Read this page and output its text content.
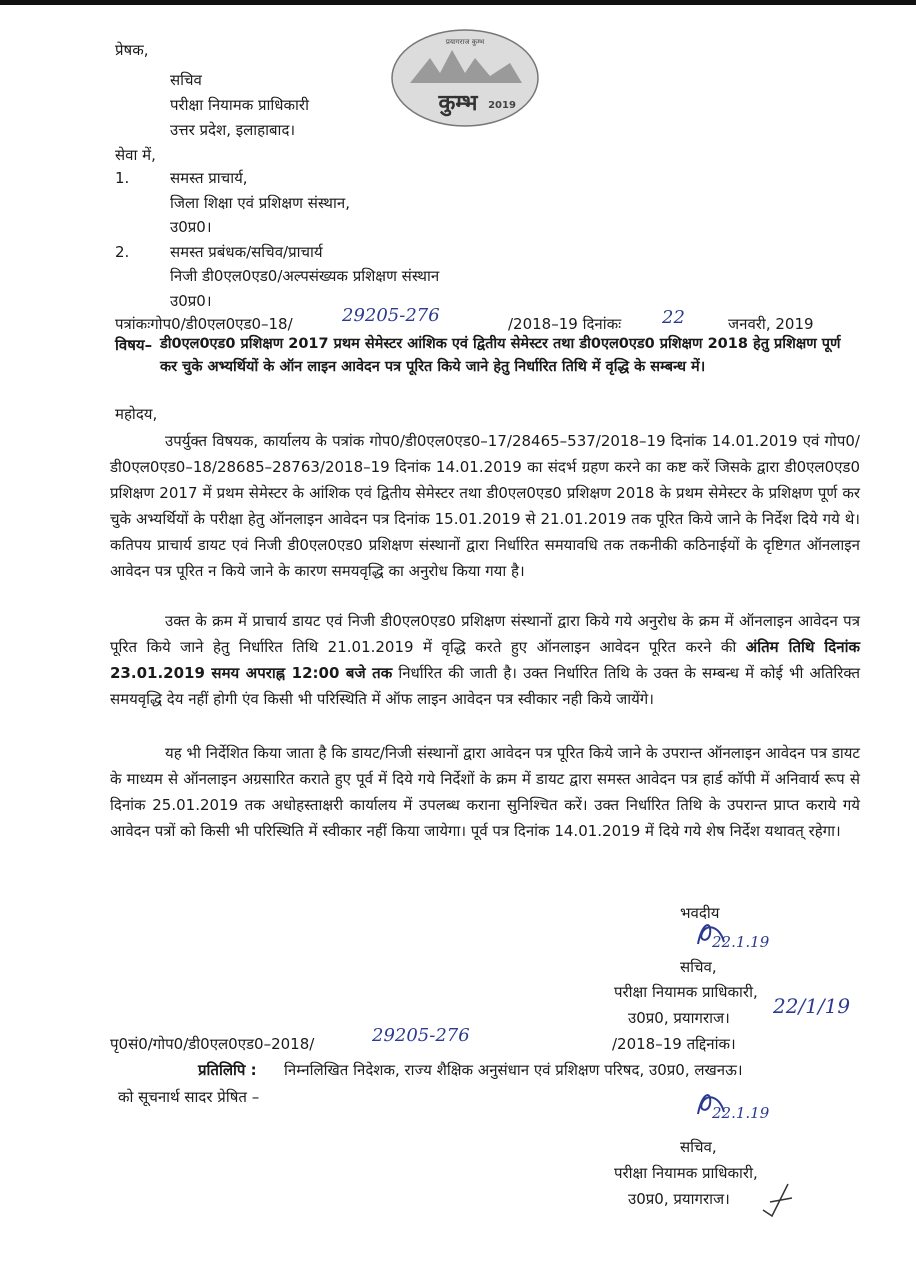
प्रेषक,
सचिव
परीक्षा नियामक प्राधिकारी
उत्तर प्रदेश, इलाहाबाद।
प्रयागराज कुम्भ
कुम्भ 2019
सेवा में,
1.	समस्त प्राचार्य,
जिला शिक्षा एवं प्रशिक्षण संस्थान,
उ0प्र0।
2.	समस्त प्रबंधक/सचिव/प्राचार्य
निजी डी0एल0एड0/अल्पसंख्यक प्रशिक्षण संस्थान
उ0प्र0।
पत्रांकःगोप0/डी0एल0एड0–18/	29205-276	/2018–19 दिनांकः 22	जनवरी, 2019
विषय– डी0एल0एड0 प्रशिक्षण 2017 प्रथम सेमेस्टर आंशिक एवं द्वितीय सेमेस्टर तथा डी0एल0एड0 प्रशिक्षण 2018 हेतु प्रशिक्षण पूर्ण कर चुके अभ्यर्थियों के ऑन लाइन आवेदन पत्र पूरित किये जाने हेतु निर्धारित तिथि में वृद्धि के सम्बन्ध में।
महोदय,
उपर्युक्त विषयक, कार्यालय के पत्रांक गोप0/डी0एल0एड0–17/28465–537/2018–19 दिनांक 14.01.2019 एवं गोप0/डी0एल0एड0–18/28685–28763/2018–19 दिनांक 14.01.2019 का संदर्भ ग्रहण करने का कष्ट करें जिसके द्वारा डी0एल0एड0 प्रशिक्षण 2017 में प्रथम सेमेस्टर के आंशिक एवं द्वितीय सेमेस्टर तथा डी0एल0एड0 प्रशिक्षण 2018 के प्रथम सेमेस्टर के प्रशिक्षण पूर्ण कर चुके अभ्यर्थियों के परीक्षा हेतु ऑनलाइन आवेदन पत्र दिनांक 15.01.2019 से 21.01.2019 तक पूरित किये जाने के निर्देश दिये गये थे। कतिपय प्राचार्य डायट एवं निजी डी0एल0एड0 प्रशिक्षण संस्थानों द्वारा निर्धारित समयावधि तक तकनीकी कठिनाईयों के दृष्टिगत ऑनलाइन आवेदन पत्र पूरित न किये जाने के कारण समयवृद्धि का अनुरोध किया गया है।
उक्त के क्रम में प्राचार्य डायट एवं निजी डी0एल0एड0 प्रशिक्षण संस्थानों द्वारा किये गये अनुरोध के क्रम में ऑनलाइन आवेदन पत्र पूरित किये जाने हेतु निर्धारित तिथि 21.01.2019 में वृद्धि करते हुए ऑनलाइन आवेदन पूरित करने की अंतिम तिथि दिनांक 23.01.2019 समय अपराह्न 12:00 बजे तक निर्धारित की जाती है। उक्त निर्धारित तिथि के उक्त के सम्बन्ध में कोई भी अतिरिक्त समयवृद्धि देय नहीं होगी एंव किसी भी परिस्थिति में ऑफ लाइन आवेदन पत्र स्वीकार नही किये जायेंगे।
यह भी निर्देशित किया जाता है कि डायट/निजी संस्थानों द्वारा आवेदन पत्र पूरित किये जाने के उपरान्त ऑनलाइन आवेदन पत्र डायट के माध्यम से ऑनलाइन अग्रसारित कराते हुए पूर्व में दिये गये निर्देशों के क्रम में डायट द्वारा समस्त आवेदन पत्र हार्ड कॉपी में अनिवार्य रूप से दिनांक 25.01.2019 तक अधोहस्ताक्षरी कार्यालय में उपलब्ध कराना सुनिश्चित करें। उक्त निर्धारित तिथि के उपरान्त प्राप्त कराये गये आवेदन पत्रों को किसी भी परिस्थिति में स्वीकार नहीं किया जायेगा। पूर्व पत्र दिनांक 14.01.2019 में दिये गये शेष निर्देश यथावत् रहेगा।
भवदीय
22.1.19
सचिव,
परीक्षा नियामक प्राधिकारी,
उ0प्र0, प्रयागराज। 22/1/19
पृ0सं0/गोप0/डी0एल0एड0–2018/	29205-276	/2018–19 तद्दिनांक।
प्रतिलिपि : निम्नलिखित निदेशक, राज्य शैक्षिक अनुसंधान एवं प्रशिक्षण परिषद, उ0प्र0, लखनऊ।
को सूचनार्थ सादर प्रेषित –
22.1.19
सचिव,
परीक्षा नियामक प्राधिकारी,
उ0प्र0, प्रयागराज।
